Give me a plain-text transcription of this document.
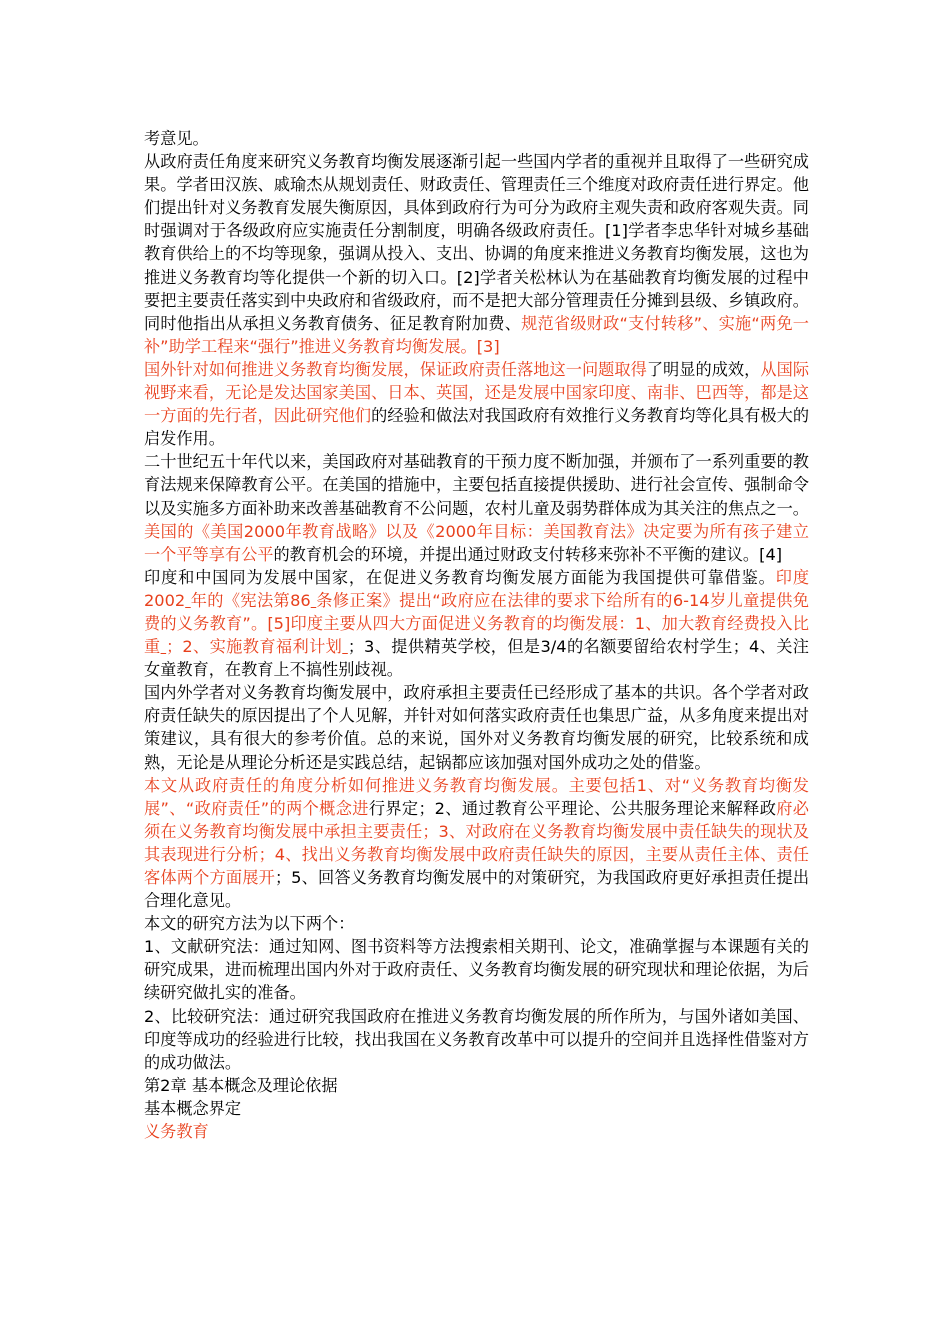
考意见。

从政府责任角度来研究义务教育均衡发展逐渐引起一些国内学者的重视并且取得了一些研究成果。学者田汉族、戚瑜杰从规划责任、财政责任、管理责任三个维度对政府责任进行界定。他们提出针对义务教育发展失衡原因，具体到政府行为可分为政府主观失责和政府客观失责。同时强调对于各级政府应实施责任分割制度，明确各级政府责任。[1]学者李忠华针对城乡基础教育供给上的不均等现象，强调从投入、支出、协调的角度来推进义务教育均衡发展，这也为推进义务教育均等化提供一个新的切入口。[2]学者关松林认为在基础教育均衡发展的过程中要把主要责任落实到中央政府和省级政府，而不是把大部分管理责任分摊到县级、乡镇政府。同时他指出从承担义务教育债务、征足教育附加费、规范省级财政“支付转移”、实施“两免一补”助学工程来“强行”推进义务教育均衡发展。[3]

国外针对如何推进义务教育均衡发展，保证政府责任落地这一问题取得了明显的成效，从国际视野来看，无论是发达国家美国、日本、英国，还是发展中国家印度、南非、巴西等，都是这一方面的先行者，因此研究他们的经验和做法对我国政府有效推行义务教育均等化具有极大的启发作用。

二十世纪五十年代以来，美国政府对基础教育的干预力度不断加强，并颁布了一系列重要的教育法规来保障教育公平。在美国的措施中，主要包括直接提供援助、进行社会宣传、强制命令以及实施多方面补助来改善基础教育不公问题，农村儿童及弱势群体成为其关注的焦点之一。美国的《美国2000年教育战略》以及《2000年目标：美国教育法》决定要为所有孩子建立一个平等享有公平的教育机会的环境，并提出通过财政支付转移来弥补不平衡的建议。[4]

印度和中国同为发展中国家，在促进义务教育均衡发展方面能为我国提供可靠借鉴。印度2002 年的《宪法第86 条修正案》提出“政府应在法律的要求下给所有的6-14岁儿童提供免费的义务教育”。[5]印度主要从四大方面促进义务教育的均衡发展：1、加大教育经费投入比重 ；2、实施教育福利计划 ；3、提供精英学校，但是3/4的名额要留给农村学生；4、关注女童教育，在教育上不搞性别歧视。

国内外学者对义务教育均衡发展中，政府承担主要责任已经形成了基本的共识。各个学者对政府责任缺失的原因提出了个人见解，并针对如何落实政府责任也集思广益，从多角度来提出对策建议，具有很大的参考价值。总的来说，国外对义务教育均衡发展的研究，比较系统和成熟，无论是从理论分析还是实践总结，起锅都应该加强对国外成功之处的借鉴。

本文从政府责任的角度分析如何推进义务教育均衡发展。主要包括1、对“义务教育均衡发展”、“政府责任”的两个概念进行界定；2、通过教育公平理论、公共服务理论来解释政府必须在义务教育均衡发展中承担主要责任；3、对政府在义务教育均衡发展中责任缺失的现状及其表现进行分析；4、找出义务教育均衡发展中政府责任缺失的原因，主要从责任主体、责任客体两个方面展开；5、回答义务教育均衡发展中的对策研究，为我国政府更好承担责任提出合理化意见。

本文的研究方法为以下两个：

1、文献研究法：通过知网、图书资料等方法搜索相关期刊、论文，准确掌握与本课题有关的研究成果，进而梳理出国内外对于政府责任、义务教育均衡发展的研究现状和理论依据，为后续研究做扎实的准备。

2、比较研究法：通过研究我国政府在推进义务教育均衡发展的所作所为，与国外诸如美国、印度等成功的经验进行比较，找出我国在义务教育改革中可以提升的空间并且选择性借鉴对方的成功做法。

第2章 基本概念及理论依据

基本概念界定

义务教育
